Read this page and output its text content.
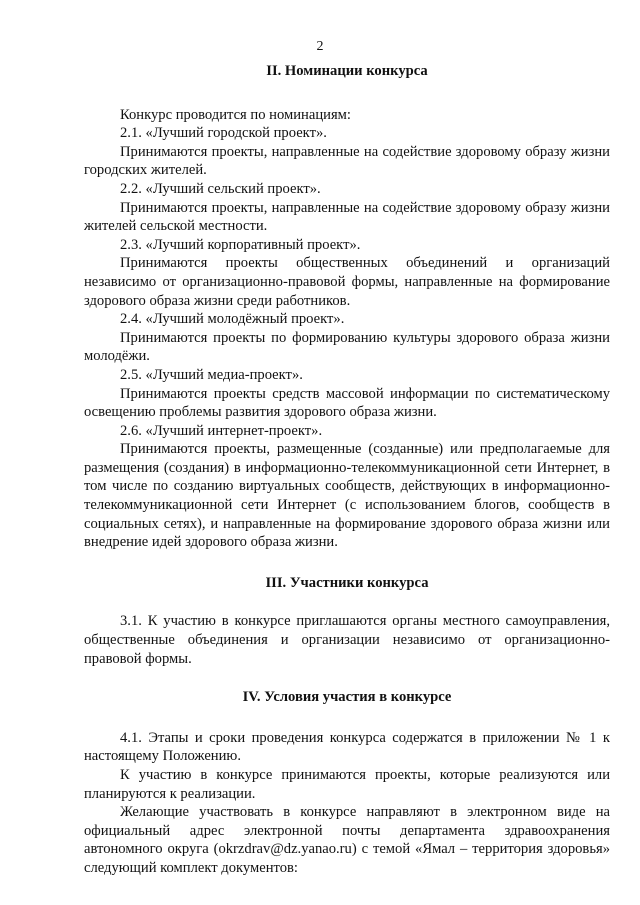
2
II. Номинации конкурса

Конкурс проводится по номинациям:

2.1. «Лучший городской проект».

Принимаются проекты, направленные на содействие здоровому образу жизни городских жителей.

2.2. «Лучший сельский проект».

Принимаются проекты, направленные на содействие здоровому образу жизни жителей сельской местности.

2.3. «Лучший корпоративный проект».

Принимаются проекты общественных объединений и организаций независимо от организационно-правовой формы, направленные на формирование здорового образа жизни среди работников.

2.4. «Лучший молодёжный проект».

Принимаются проекты по формированию культуры здорового образа жизни молодёжи.

2.5. «Лучший медиа-проект».

Принимаются проекты средств массовой информации по систематическому освещению проблемы развития здорового образа жизни.

2.6. «Лучший интернет-проект».

Принимаются проекты, размещенные (созданные) или предполагаемые для размещения (создания) в информационно-телекоммуникационной сети Интернет, в том числе по созданию виртуальных сообществ, действующих в информационно-телекоммуникационной сети Интернет (с использованием блогов, сообществ в социальных сетях), и направленные на формирование здорового образа жизни или внедрение идей здорового образа жизни.

III. Участники конкурса

3.1. К участию в конкурсе приглашаются органы местного самоуправления, общественные объединения и организации независимо от организационно-правовой формы.

IV. Условия участия в конкурсе

4.1. Этапы и сроки проведения конкурса содержатся в приложении № 1 к настоящему Положению.

К участию в конкурсе принимаются проекты, которые реализуются или планируются к реализации.

Желающие участвовать в конкурсе направляют в электронном виде на официальный адрес электронной почты департамента здравоохранения автономного округа (okrzdrav@dz.yanao.ru) с темой «Ямал – территория здоровья» следующий комплект документов:
